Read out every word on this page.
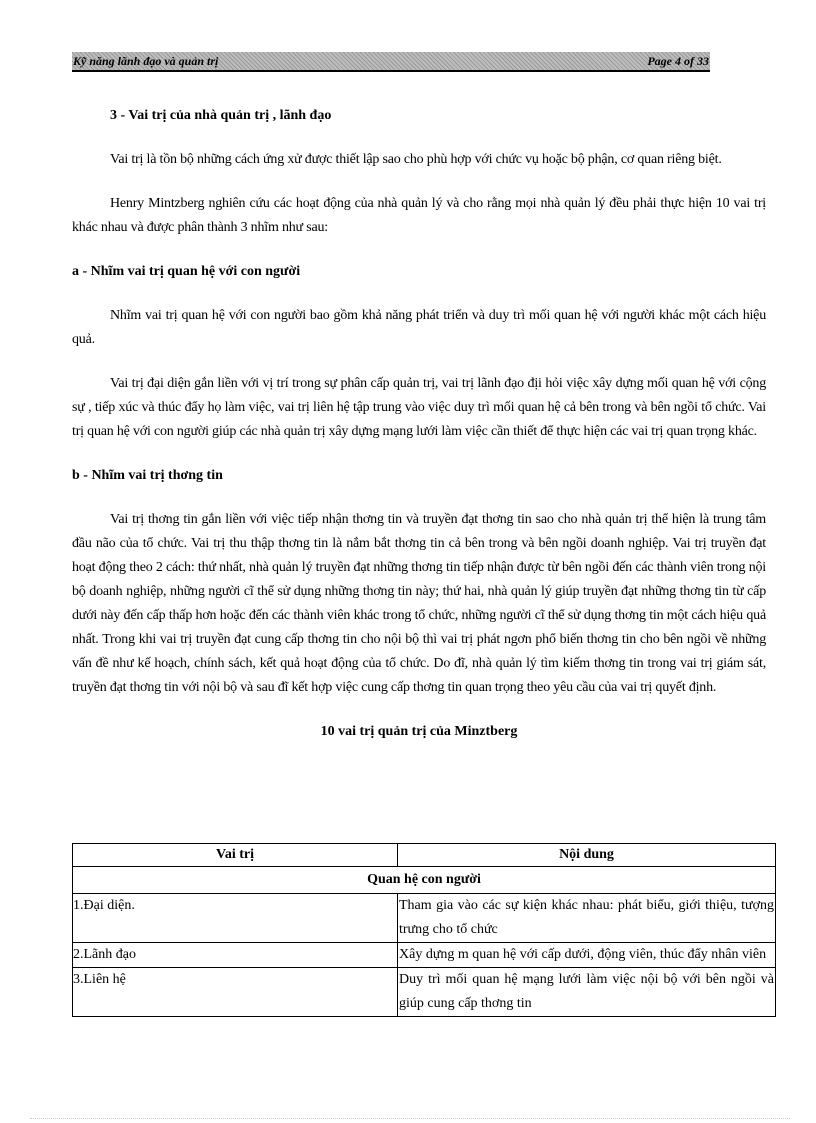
Kỹ năng lãnh đạo và quản trị	Page 4 of 33

3 - Vai trị của nhà quản trị , lãnh đạo

Vai trị là tồn bộ những cách ứng xử được thiết lập sao cho phù hợp với chức vụ hoặc bộ phận, cơ quan riêng biệt.

Henry Mintzberg nghiên cứu các hoạt động của nhà quản lý và cho rằng mọi nhà quản lý đều phải thực hiện 10 vai trị khác nhau và được phân thành 3 nhĩm như sau:

a - Nhĩm vai trị quan hệ với con người

Nhĩm vai trị quan hệ với con người bao gồm khả năng phát triển và duy trì mối quan hệ với người khác một cách hiệu quả.

Vai trị đại diện gắn liền với vị trí trong sự phân cấp quản trị, vai trị lãnh đạo địi hỏi việc xây dựng mối quan hệ với cộng sự , tiếp xúc và thúc đẩy họ làm việc, vai trị liên hệ tập trung vào việc duy trì mối quan hệ cả bên trong và bên ngồi tổ chức. Vai trị quan hệ với con người giúp các nhà quản trị xây dựng mạng lưới làm việc cần thiết để thực hiện các vai trị quan trọng khác.

b - Nhĩm vai trị thơng tin

Vai trị thơng tin gắn liền với việc tiếp nhận thơng tin và truyền đạt thơng tin sao cho nhà quản trị thể hiện là trung tâm đầu não của tổ chức. Vai trị thu thập thơng tin là nắm bắt thơng tin cả bên trong và bên ngồi doanh nghiệp. Vai trị truyền đạt hoạt động theo 2 cách: thứ nhất, nhà quản lý truyền đạt những thơng tin tiếp nhận được từ bên ngồi đến các thành viên trong nội bộ doanh nghiệp, những người cĩ thể sử dụng những thơng tin này; thứ hai, nhà quản lý giúp truyền đạt những thơng tin từ cấp dưới này đến cấp thấp hơn hoặc đến các thành viên khác trong tổ chức, những người cĩ thể sử dụng thơng tin một cách hiệu quả nhất. Trong khi vai trị truyền đạt cung cấp thơng tin cho nội bộ thì vai trị phát ngơn phổ biến thơng tin cho bên ngồi về những vấn đề như kế hoạch, chính sách, kết quả hoạt động của tổ chức. Do đĩ, nhà quản lý tìm kiếm thơng tin trong vai trị giám sát, truyền đạt thơng tin với nội bộ và sau đĩ kết hợp việc cung cấp thơng tin quan trọng theo yêu cầu của vai trị quyết định.

10 vai trị quản trị của Minztberg

Vai trị	Nội dung
Quan hệ con người	
1.Đại diện.	Tham gia vào các sự kiện khác nhau: phát biểu, giới thiệu, tượng trưng cho tổ chức
2.Lãnh đạo	Xây dựng m quan hệ với cấp dưới, động viên, thúc đẩy nhân viên
3.Liên hệ	Duy trì mối quan hệ mạng lưới làm việc nội bộ với bên ngồi và giúp cung cấp thơng tin
